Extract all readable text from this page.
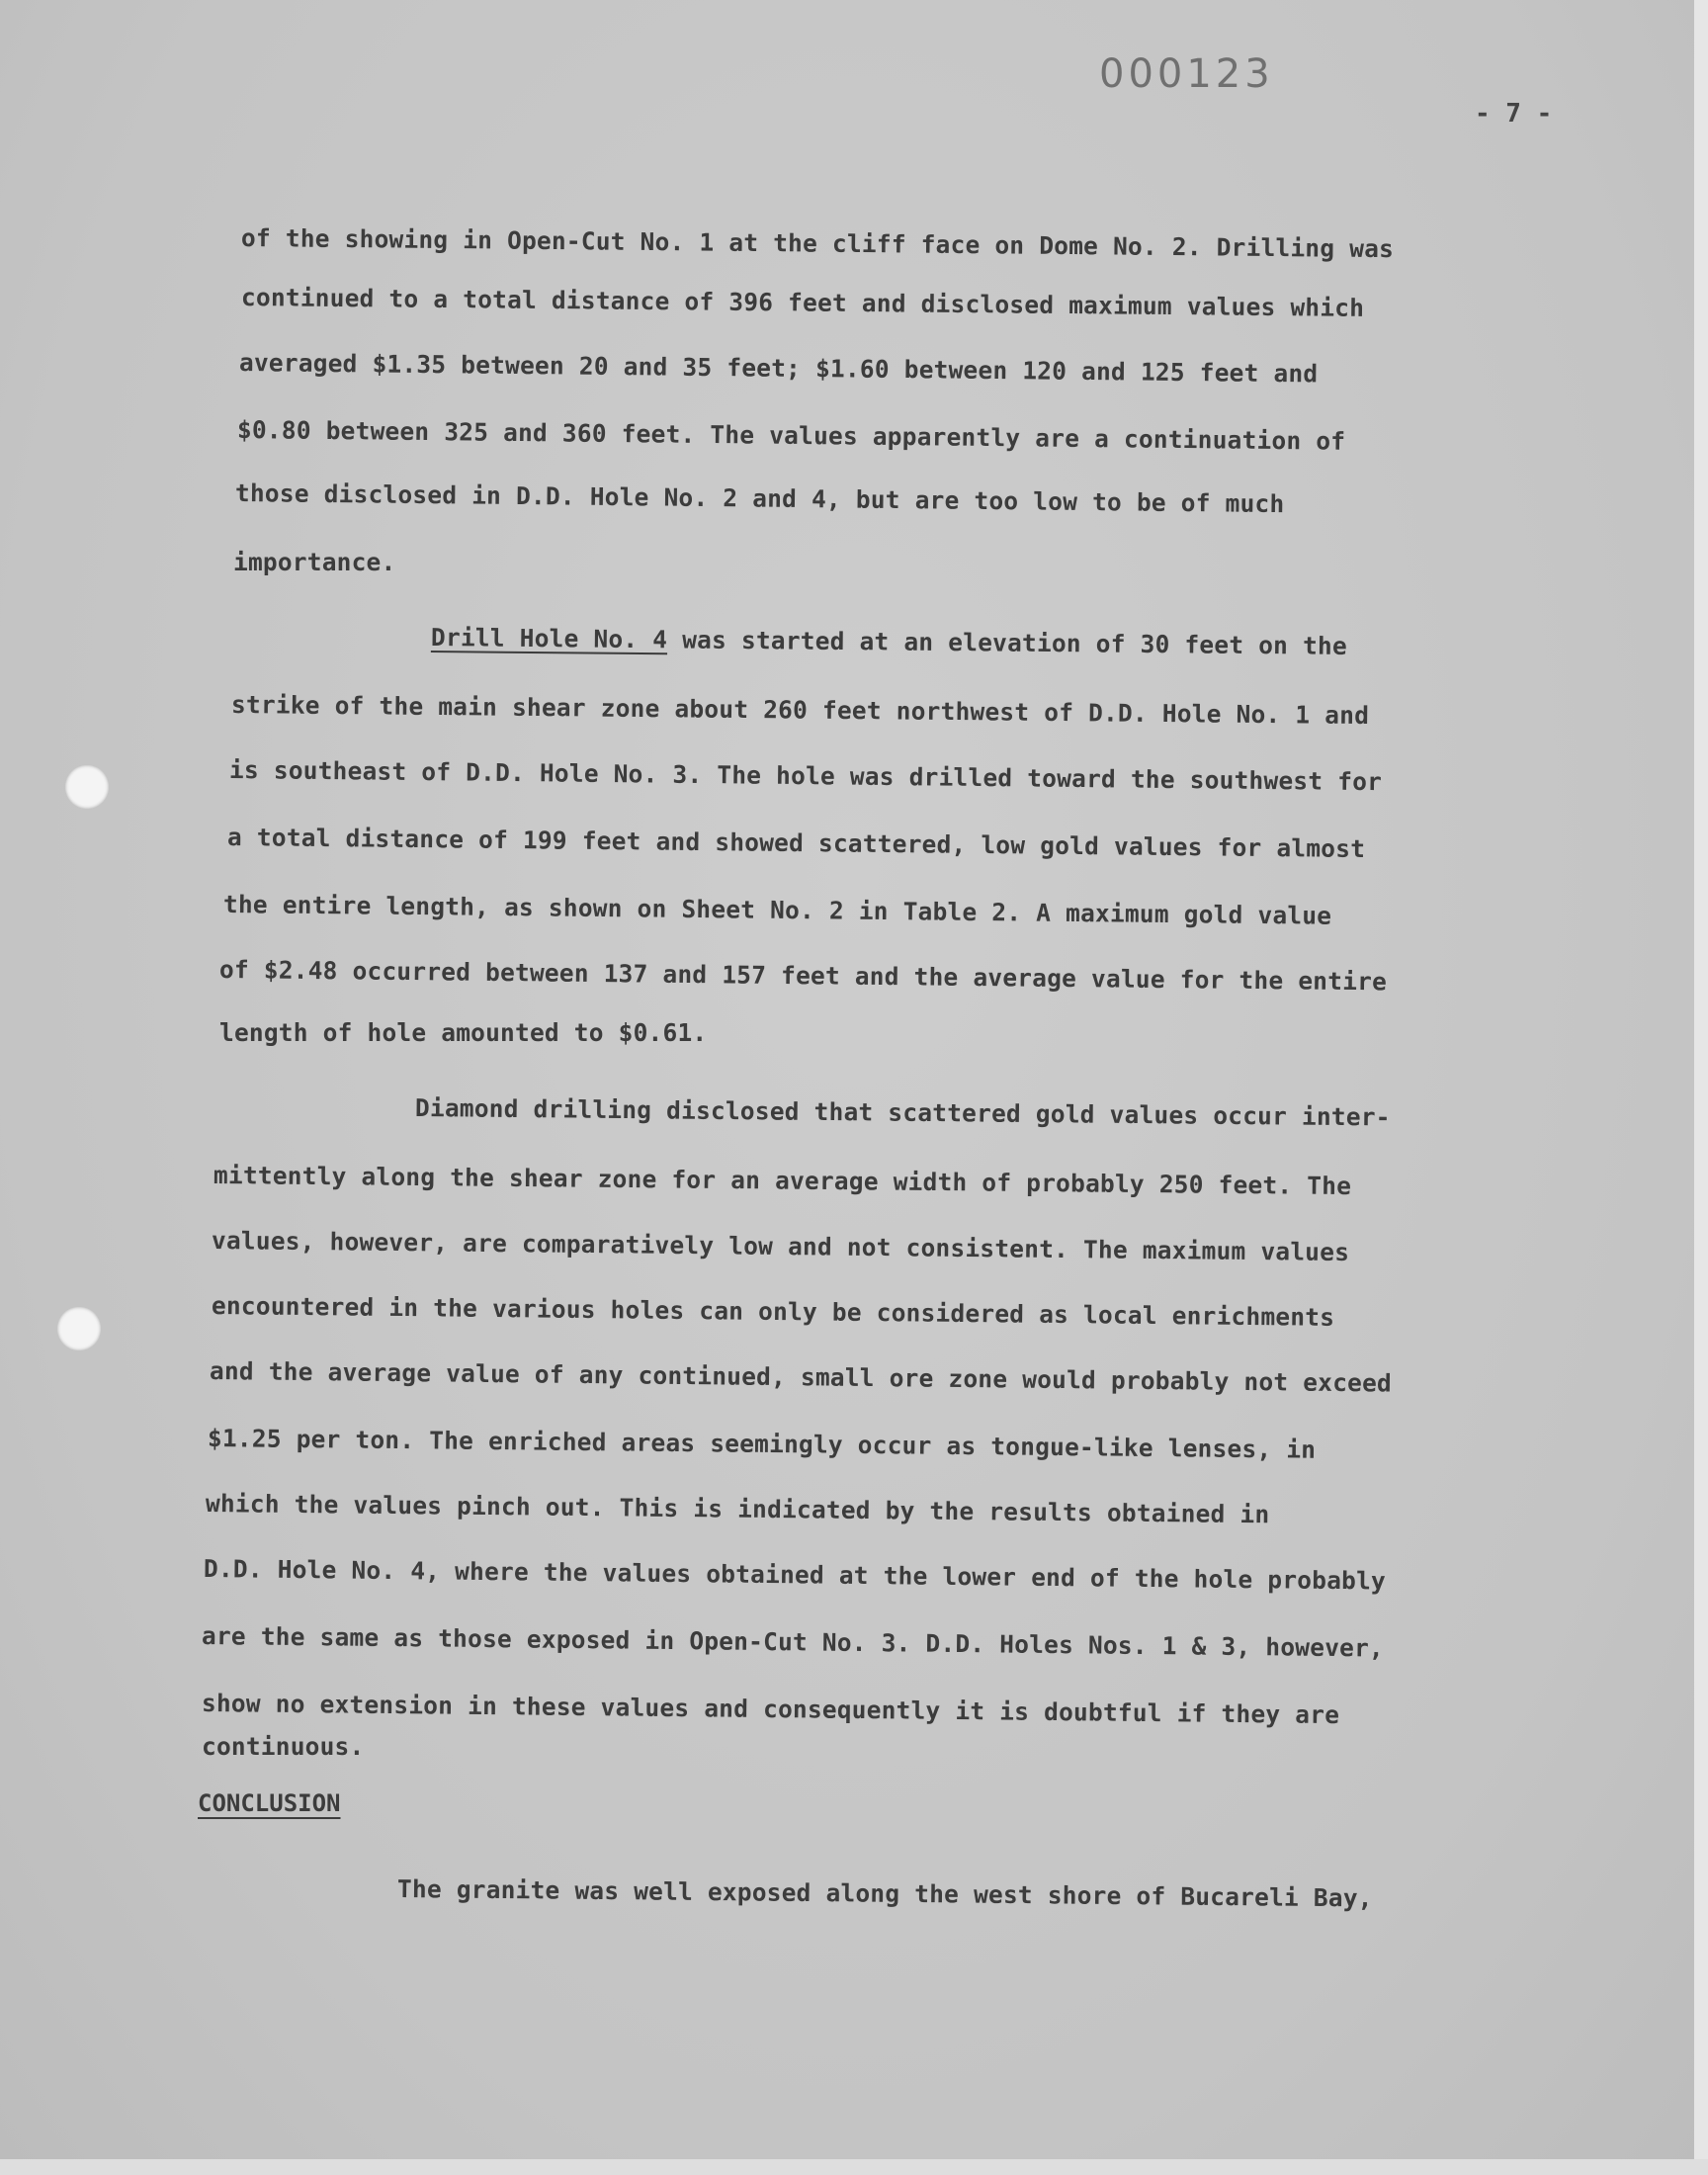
000123
- 7 -
of the showing in Open-Cut No. 1 at the cliff face on Dome No. 2. Drilling was
continued to a total distance of 396 feet and disclosed maximum values which
averaged $1.35 between 20 and 35 feet; $1.60 between 120 and 125 feet and
$0.80 between 325 and 360 feet. The values apparently are a continuation of
those disclosed in D.D. Hole No. 2 and 4, but are too low to be of much
importance.
Drill Hole No. 4 was started at an elevation of 30 feet on the
strike of the main shear zone about 260 feet northwest of D.D. Hole No. 1 and
is southeast of D.D. Hole No. 3. The hole was drilled toward the southwest for
a total distance of 199 feet and showed scattered, low gold values for almost
the entire length, as shown on Sheet No. 2 in Table 2. A maximum gold value
of $2.48 occurred between 137 and 157 feet and the average value for the entire
length of hole amounted to $0.61.
Diamond drilling disclosed that scattered gold values occur inter-
mittently along the shear zone for an average width of probably 250 feet. The
values, however, are comparatively low and not consistent. The maximum values
encountered in the various holes can only be considered as local enrichments
and the average value of any continued, small ore zone would probably not exceed
$1.25 per ton. The enriched areas seemingly occur as tongue-like lenses, in
which the values pinch out. This is indicated by the results obtained in
D.D. Hole No. 4, where the values obtained at the lower end of the hole probably
are the same as those exposed in Open-Cut No. 3. D.D. Holes Nos. 1 & 3, however,
show no extension in these values and consequently it is doubtful if they are
continuous.
CONCLUSION
The granite was well exposed along the west shore of Bucareli Bay,
